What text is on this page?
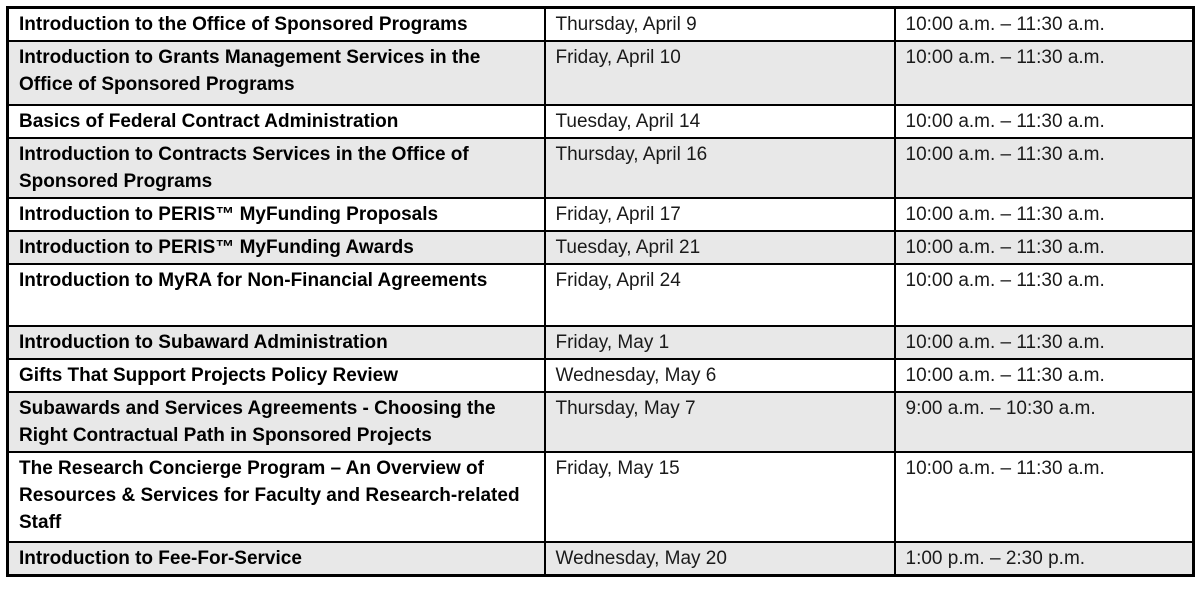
Introduction to the Office of Sponsored Programs	Thursday, April 9	10:00 a.m. – 11:30 a.m.
Introduction to Grants Management Services in the Office of Sponsored Programs	Friday, April 10	10:00 a.m. – 11:30 a.m.
Basics of Federal Contract Administration	Tuesday, April 14	10:00 a.m. – 11:30 a.m.
Introduction to Contracts Services in the Office of Sponsored Programs	Thursday, April 16	10:00 a.m. – 11:30 a.m.
Introduction to PERIS™ MyFunding Proposals	Friday, April 17	10:00 a.m. – 11:30 a.m.
Introduction to PERIS™ MyFunding Awards	Tuesday, April 21	10:00 a.m. – 11:30 a.m.
Introduction to MyRA for Non-Financial Agreements	Friday, April 24	10:00 a.m. – 11:30 a.m.
Introduction to Subaward Administration	Friday, May 1	10:00 a.m. – 11:30 a.m.
Gifts That Support Projects Policy Review	Wednesday, May 6	10:00 a.m. – 11:30 a.m.
Subawards and Services Agreements - Choosing the Right Contractual Path in Sponsored Projects	Thursday, May 7	9:00 a.m. – 10:30 a.m.
The Research Concierge Program – An Overview of Resources & Services for Faculty and Research-related Staff	Friday, May 15	10:00 a.m. – 11:30 a.m.
Introduction to Fee-For-Service	Wednesday, May 20	1:00 p.m. – 2:30 p.m.
